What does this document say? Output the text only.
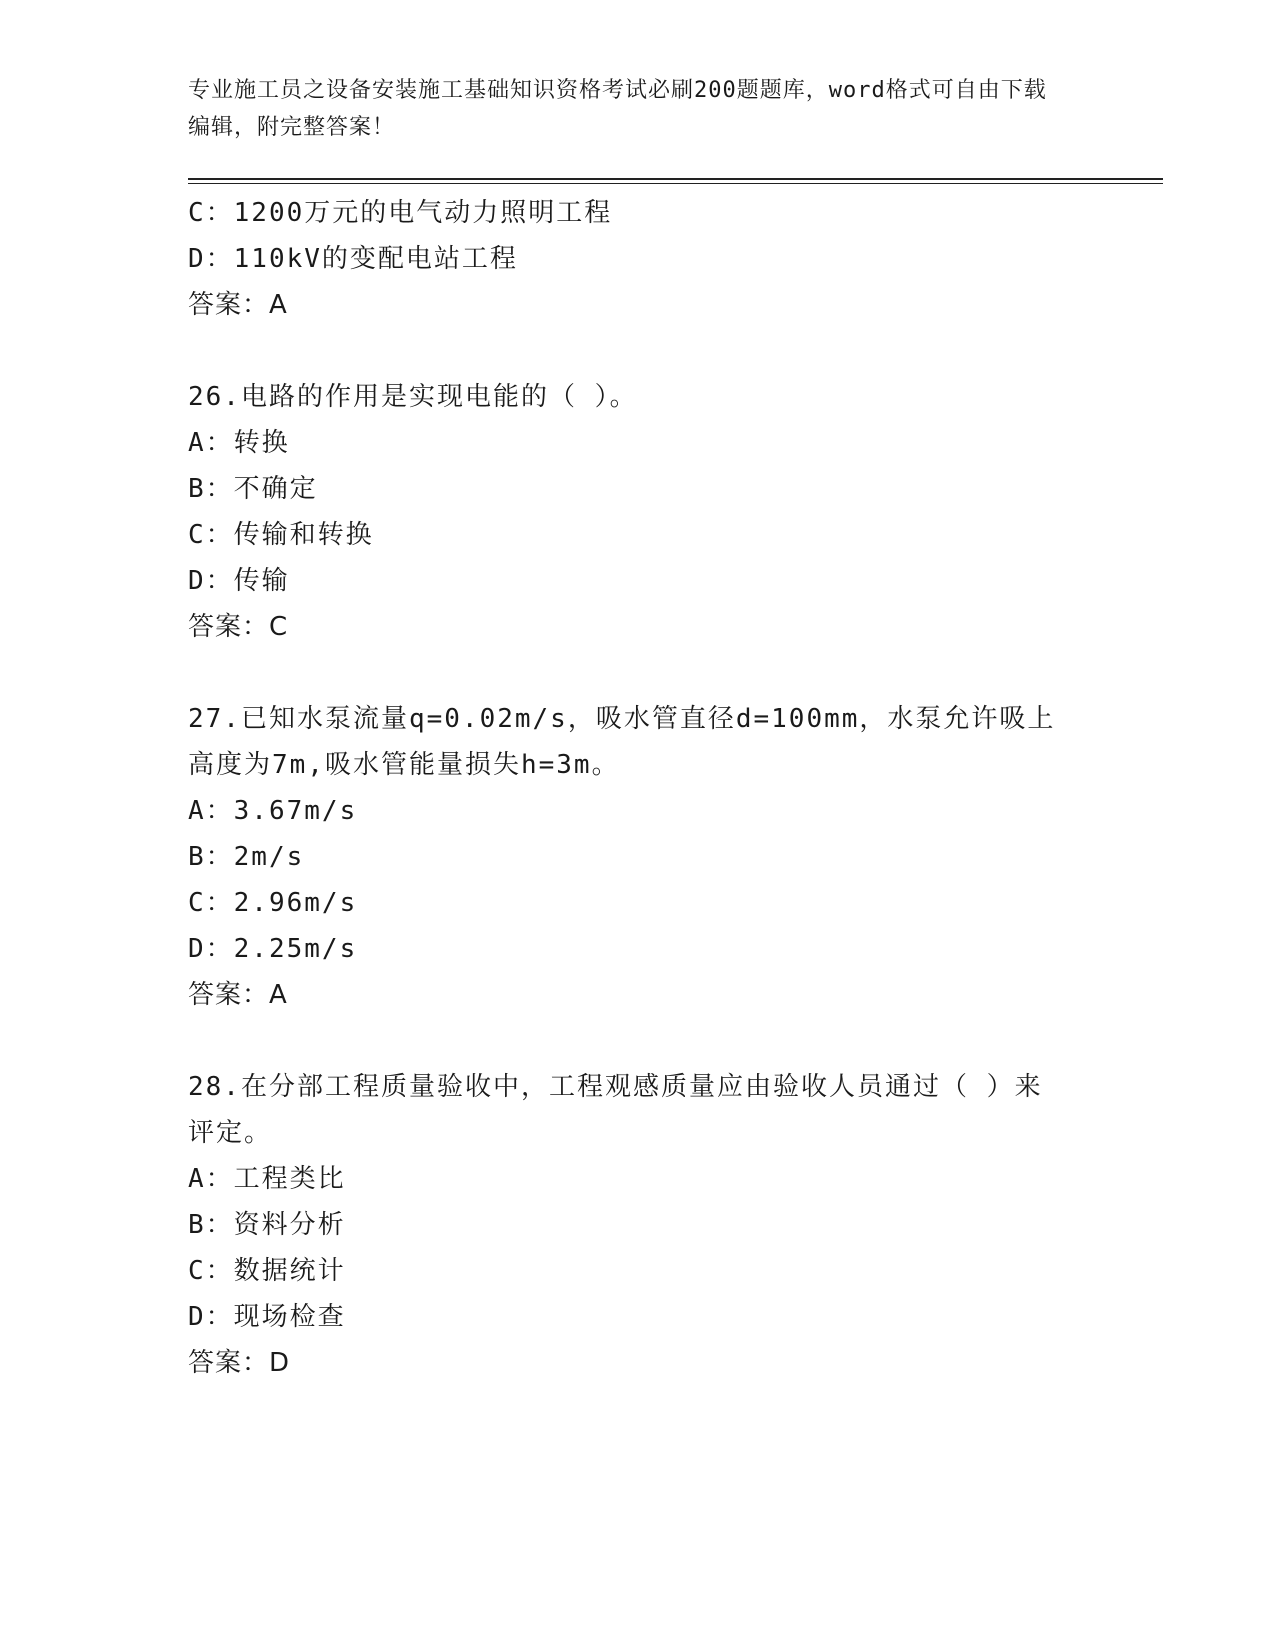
专业施工员之设备安装施工基础知识资格考试必刷200题题库，word格式可自由下载编辑，附完整答案！
C：1200万元的电气动力照明工程
D：110kV的变配电站工程
答案：A
26.电路的作用是实现电能的（ ）。
A：转换
B：不确定
C：传输和转换
D：传输
答案：C
27.已知水泵流量q=0.02m/s，吸水管直径d=100mm，水泵允许吸上高度为7m,吸水管能量损失h=3m。
A：3.67m/s
B：2m/s
C：2.96m/s
D：2.25m/s
答案：A
28.在分部工程质量验收中，工程观感质量应由验收人员通过（ ）来评定。
A：工程类比
B：资料分析
C：数据统计
D：现场检查
答案：D
